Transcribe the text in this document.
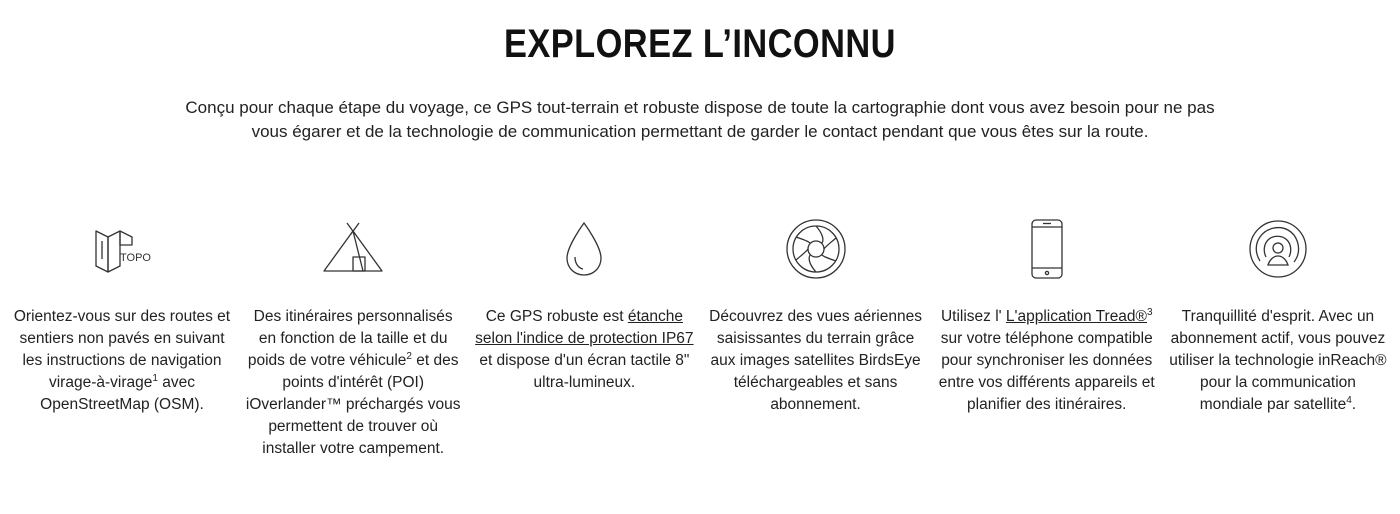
EXPLOREZ L’INCONNU

Conçu pour chaque étape du voyage, ce GPS tout-terrain et robuste dispose de toute la cartographie dont vous avez besoin pour ne pas vous égarer et de la technologie de communication permettant de garder le contact pendant que vous êtes sur la route.

TOPO
Orientez-vous sur des routes et sentiers non pavés en suivant les instructions de navigation virage-à-virage$^1$ avec OpenStreetMap (OSM).
Des itinéraires personnalisés en fonction de la taille et du poids de votre véhicule$^2$ et des points d'intérêt (POI) iOverlander™ préchargés vous permettent de trouver où installer votre campement.
Ce GPS robuste est étanche selon l'indice de protection IP67 et dispose d'un écran tactile 8" ultra-lumineux.
Découvrez des vues aériennes saisissantes du terrain grâce aux images satellites BirdsEye téléchargeables et sans abonnement.
Utilisez l' L'application Tread®$^3$ sur votre téléphone compatible pour synchroniser les données entre vos différents appareils et planifier des itinéraires.
Tranquillité d'esprit. Avec un abonnement actif, vous pouvez utiliser la technologie inReach® pour la communication mondiale par satellite$^4$.
